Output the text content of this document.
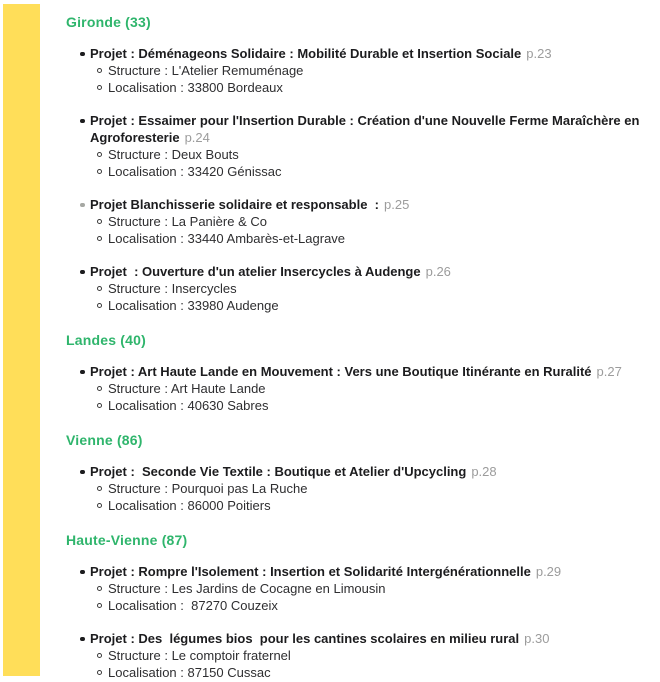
Gironde (33)
Projet : Déménageons Solidaire : Mobilité Durable et Insertion Sociale p.23
Structure : L'Atelier Remuménage
Localisation : 33800 Bordeaux
Projet : Essaimer pour l'Insertion Durable : Création d'une Nouvelle Ferme Maraîchère en Agroforesterie p.24
Structure : Deux Bouts
Localisation : 33420 Génissac
Projet Blanchisserie solidaire et responsable  : p.25
Structure : La Panière & Co
Localisation : 33440 Ambarès-et-Lagrave
Projet  : Ouverture d'un atelier Insercycles à Audenge p.26
Structure : Insercycles
Localisation : 33980 Audenge
Landes (40)
Projet : Art Haute Lande en Mouvement : Vers une Boutique Itinérante en Ruralité p.27
Structure : Art Haute Lande
Localisation : 40630 Sabres
Vienne (86)
Projet :  Seconde Vie Textile : Boutique et Atelier d'Upcycling p.28
Structure : Pourquoi pas La Ruche
Localisation : 86000 Poitiers
Haute-Vienne (87)
Projet : Rompre l'Isolement : Insertion et Solidarité Intergénérationnelle p.29
Structure : Les Jardins de Cocagne en Limousin
Localisation :  87270 Couzeix
Projet : Des  légumes bios  pour les cantines scolaires en milieu rural p.30
Structure : Le comptoir fraternel
Localisation : 87150 Cussac
